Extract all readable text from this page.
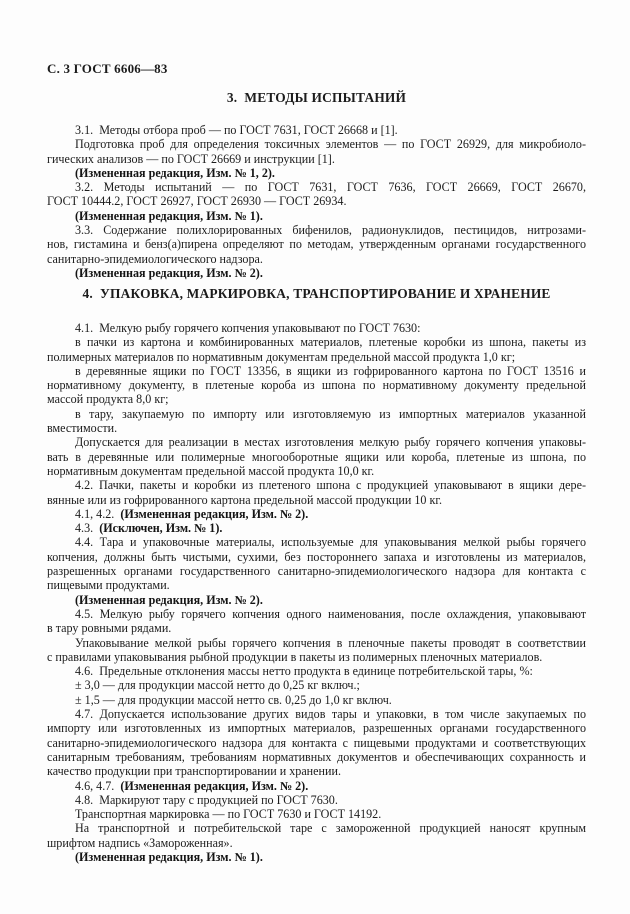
С. 3 ГОСТ 6606—83
3.  МЕТОДЫ ИСПЫТАНИЙ
3.1.  Методы отбора проб — по ГОСТ 7631, ГОСТ 26668 и [1].
Подготовка проб для определения токсичных элементов — по ГОСТ 26929, для микробиоло-
гических анализов — по ГОСТ 26669 и инструкции [1].
(Измененная редакция, Изм. № 1, 2).
3.2. Методы испытаний — по ГОСТ 7631, ГОСТ 7636, ГОСТ 26669, ГОСТ 26670,
ГОСТ 10444.2, ГОСТ 26927, ГОСТ 26930 — ГОСТ 26934.
(Измененная редакция, Изм. № 1).
3.3. Содержание полихлорированных бифенилов, радионуклидов, пестицидов, нитрозами-
нов, гистамина и бенз(а)пирена определяют по методам, утвержденным органами государственного
санитарно-эпидемиологического надзора.
(Измененная редакция, Изм. № 2).
4.  УПАКОВКА, МАРКИРОВКА, ТРАНСПОРТИРОВАНИЕ И ХРАНЕНИЕ
4.1.  Мелкую рыбу горячего копчения упаковывают по ГОСТ 7630:
в пачки из картона и комбинированных материалов, плетеные коробки из шпона, пакеты из
полимерных материалов по нормативным документам предельной массой продукта 1,0 кг;
в деревянные ящики по ГОСТ 13356, в ящики из гофрированного картона по ГОСТ 13516 и
нормативному документу, в плетеные короба из шпона по нормативному документу предельной
массой продукта 8,0 кг;
в тару, закупаемую по импорту или изготовляемую из импортных материалов указанной
вместимости.
Допускается для реализации в местах изготовления мелкую рыбу горячего копчения упаковы-
вать в деревянные или полимерные многооборотные ящики или короба, плетеные из шпона, по
нормативным документам предельной массой продукта 10,0 кг.
4.2. Пачки, пакеты и коробки из плетеного шпона с продукцией упаковывают в ящики дере-
вянные или из гофрированного картона предельной массой продукции 10 кг.
4.1, 4.2.  (Измененная редакция, Изм. № 2).
4.3.  (Исключен, Изм. № 1).
4.4. Тара и упаковочные материалы, используемые для упаковывания мелкой рыбы горячего
копчения, должны быть чистыми, сухими, без постороннего запаха и изготовлены из материалов,
разрешенных органами государственного санитарно-эпидемиологического надзора для контакта с
пищевыми продуктами.
(Измененная редакция, Изм. № 2).
4.5. Мелкую рыбу горячего копчения одного наименования, после охлаждения, упаковывают
в тару ровными рядами.
Упаковывание мелкой рыбы горячего копчения в пленочные пакеты проводят в соответствии
с правилами упаковывания рыбной продукции в пакеты из полимерных пленочных материалов.
4.6.  Предельные отклонения массы нетто продукта в единице потребительской тары, %:
± 3,0 — для продукции массой нетто до 0,25 кг включ.;
± 1,5 — для продукции массой нетто св. 0,25 до 1,0 кг включ.
4.7. Допускается использование других видов тары и упаковки, в том числе закупаемых по
импорту или изготовленных из импортных материалов, разрешенных органами государственного
санитарно-эпидемиологического надзора для контакта с пищевыми продуктами и соответствующих
санитарным требованиям, требованиям нормативных документов и обеспечивающих сохранность и
качество продукции при транспортировании и хранении.
4.6, 4.7.  (Измененная редакция, Изм. № 2).
4.8.  Маркируют тару с продукцией по ГОСТ 7630.
Транспортная маркировка — по ГОСТ 7630 и ГОСТ 14192.
На транспортной и потребительской таре с замороженной продукцией наносят крупным
шрифтом надпись «Замороженная».
(Измененная редакция, Изм. № 1).
